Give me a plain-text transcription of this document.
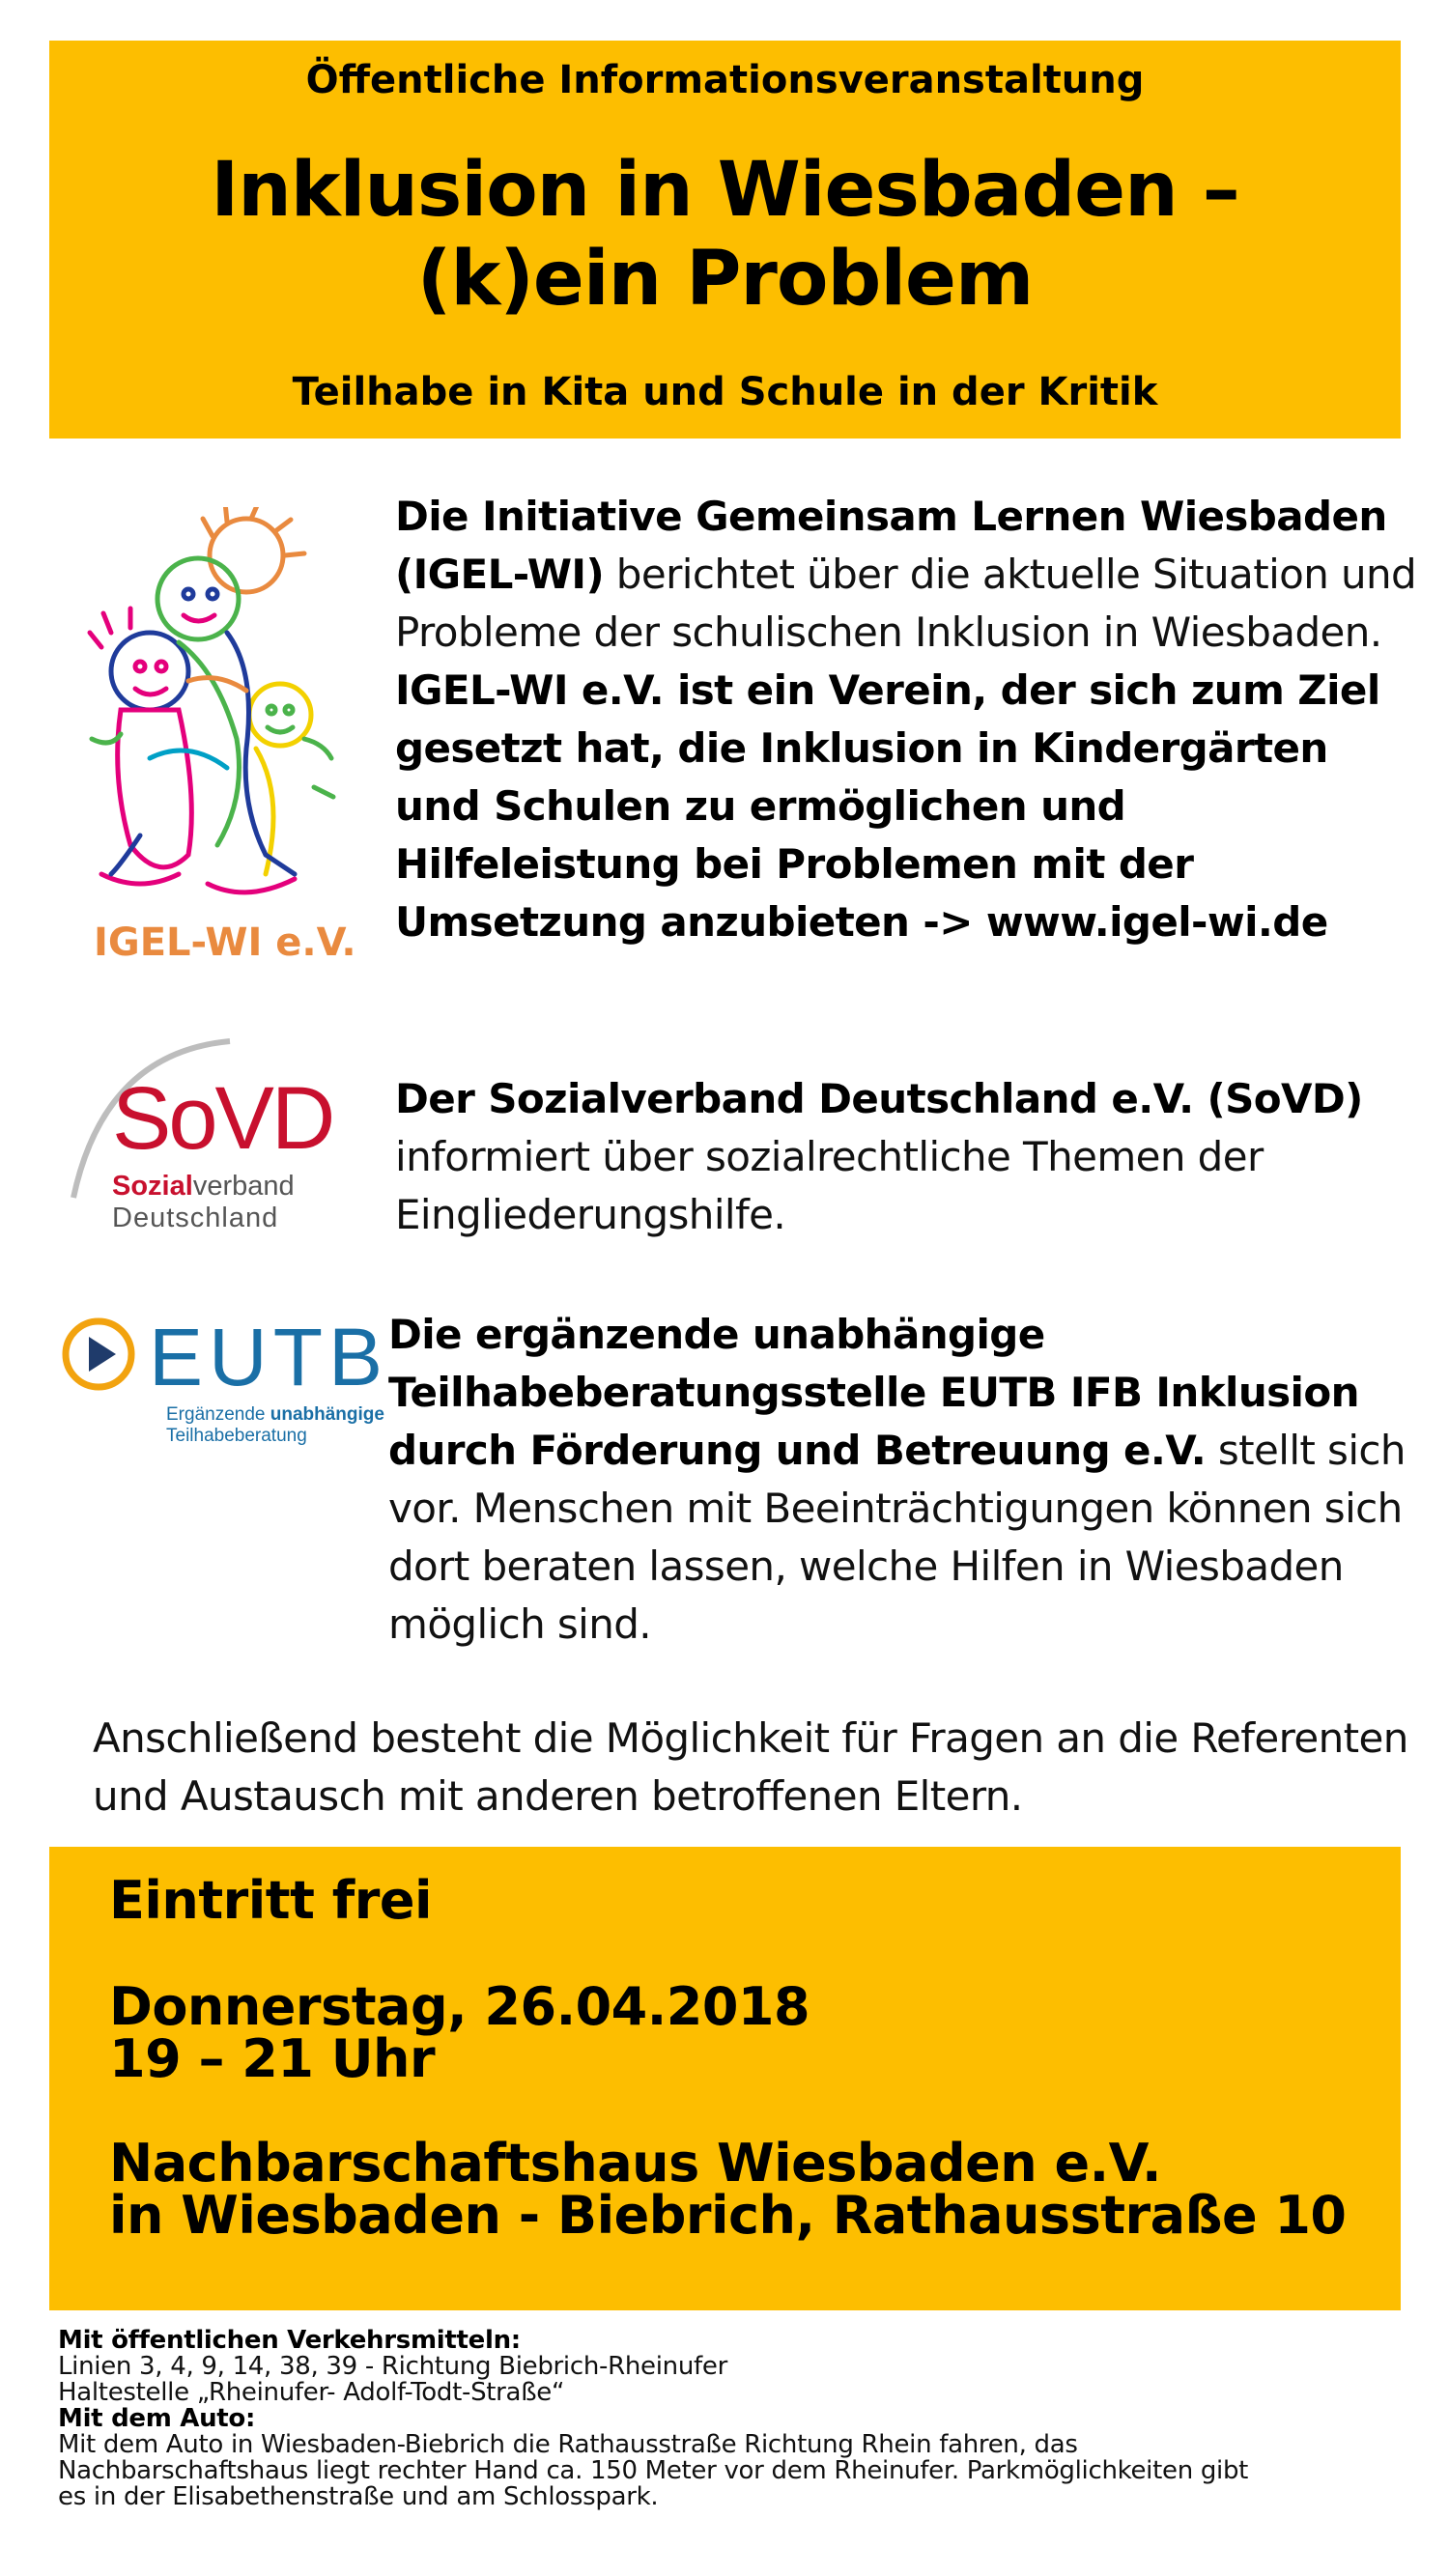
Öffentliche Informationsveranstaltung
Inklusion in Wiesbaden –
(k)ein Problem
Teilhabe in Kita und Schule in der Kritik
IGEL-WI e.V.

Die Initiative Gemeinsam Lernen Wiesbaden (IGEL-WI) berichtet über die aktuelle Situation und Probleme der schulischen Inklusion in Wiesbaden.
IGEL-WI e.V. ist ein Verein, der sich zum Ziel gesetzt hat, die Inklusion in Kindergärten und Schulen zu ermöglichen und Hilfeleistung bei Problemen mit der Umsetzung anzubieten -> www.igel-wi.de

SoVD
Sozialverband
Deutschland

Der Sozialverband Deutschland e.V. (SoVD) informiert über sozialrechtliche Themen der Eingliederungshilfe.

EUTB
Ergänzende unabhängige
Teilhabeberatung

Die ergänzende unabhängige Teilhabeberatungsstelle EUTB IFB Inklusion durch Förderung und Betreuung e.V. stellt sich vor. Menschen mit Beeinträchtigungen können sich dort beraten lassen, welche Hilfen in Wiesbaden möglich sind.

Anschließend besteht die Möglichkeit für Fragen an die Referenten und Austausch mit anderen betroffenen Eltern.

Eintritt frei

Donnerstag, 26.04.2018

19 – 21 Uhr

Nachbarschaftshaus Wiesbaden e.V.

in Wiesbaden - Biebrich, Rathausstraße 10

Mit öffentlichen Verkehrsmitteln:
Linien 3, 4, 9, 14, 38, 39 - Richtung Biebrich-Rheinufer
Haltestelle „Rheinufer- Adolf-Todt-Straße“
Mit dem Auto:
Mit dem Auto in Wiesbaden-Biebrich die Rathausstraße Richtung Rhein fahren, das
Nachbarschaftshaus liegt rechter Hand ca. 150 Meter vor dem Rheinufer. Parkmöglichkeiten gibt
es in der Elisabethenstraße und am Schlosspark.
